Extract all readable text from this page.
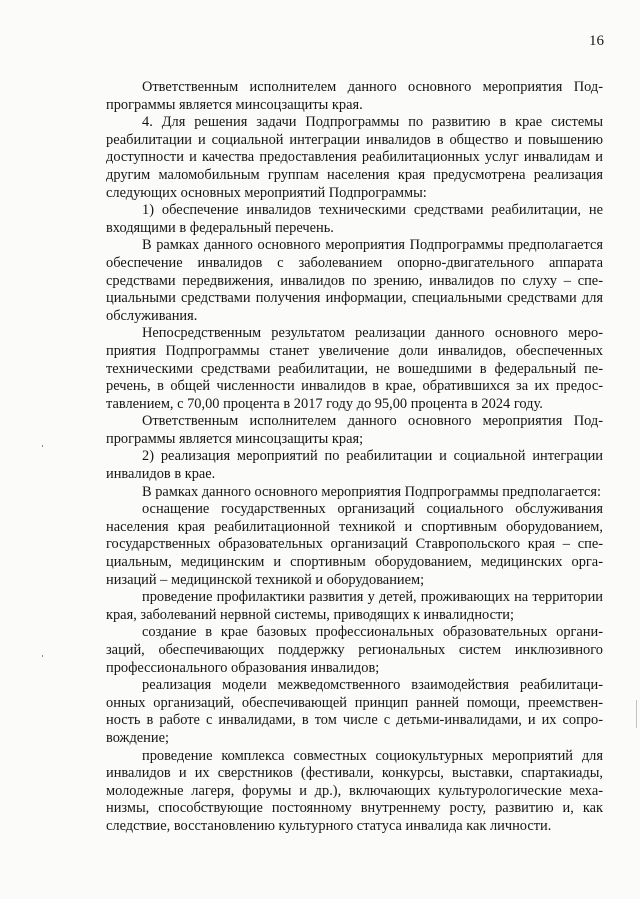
16

Ответственным исполнителем данного основного мероприятия Подпрограммы является минсоцзащиты края.

4. Для решения задачи Подпрограммы по развитию в крае системы реабилитации и социальной интеграции инвалидов в общество и повышению доступности и качества предоставления реабилитационных услуг инвалидам и другим маломобильным группам населения края предусмотрена реализация следующих основных мероприятий Подпрограммы:

1) обеспечение инвалидов техническими средствами реабилитации, не входящими в федеральный перечень.

В рамках данного основного мероприятия Подпрограммы предполагается обеспечение инвалидов с заболеванием опорно-двигательного аппарата средствами передвижения, инвалидов по зрению, инвалидов по слуху – специальными средствами получения информации, специальными средствами для обслуживания.

Непосредственным результатом реализации данного основного мероприятия Подпрограммы станет увеличение доли инвалидов, обеспеченных техническими средствами реабилитации, не вошедшими в федеральный перечень, в общей численности инвалидов в крае, обратившихся за их предоставлением, с 70,00 процента в 2017 году до 95,00 процента в 2024 году.

Ответственным исполнителем данного основного мероприятия Подпрограммы является минсоцзащиты края;

2) реализация мероприятий по реабилитации и социальной интеграции инвалидов в крае.

В рамках данного основного мероприятия Подпрограммы предполагается:

оснащение государственных организаций социального обслуживания населения края реабилитационной техникой и спортивным оборудованием, государственных образовательных организаций Ставропольского края – специальным, медицинским и спортивным оборудованием, медицинских организаций – медицинской техникой и оборудованием;

проведение профилактики развития у детей, проживающих на территории края, заболеваний нервной системы, приводящих к инвалидности;

создание в крае базовых профессиональных образовательных организаций, обеспечивающих поддержку региональных систем инклюзивного профессионального образования инвалидов;

реализация модели межведомственного взаимодействия реабилитационных организаций, обеспечивающей принцип ранней помощи, преемственность в работе с инвалидами, в том числе с детьми-инвалидами, и их сопровождение;

проведение комплекса совместных социокультурных мероприятий для инвалидов и их сверстников (фестивали, конкурсы, выставки, спартакиады, молодежные лагеря, форумы и др.), включающих культурологические механизмы, способствующие постоянному внутреннему росту, развитию и, как следствие, восстановлению культурного статуса инвалида как личности.
